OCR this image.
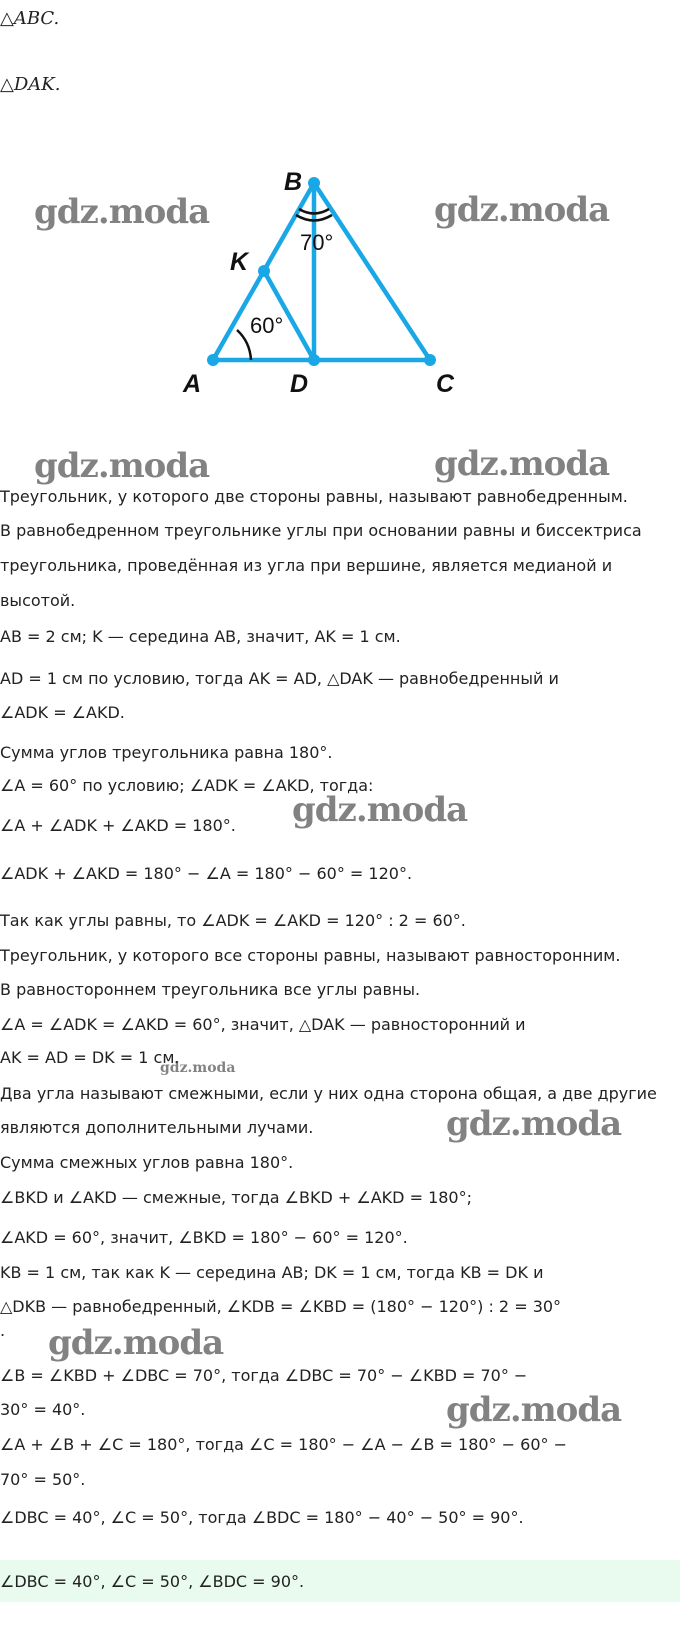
△ABC.
△DAK.
B
K
A	D	C
70°
60°
gdz.moda	gdz.moda
gdz.moda	gdz.moda
gdz.moda
gdz.moda
gdz.moda
gdz.moda
gdz.moda
Треугольник, у которого две стороны равны, называют равнобедренным.
В равнобедренном треугольнике углы при основании равны и биссектриса
треугольника, проведённая из угла при вершине, является медианой и
высотой.
AB = 2 см; K — середина AB, значит, AK = 1 см.
AD = 1 см по условию, тогда AK = AD, △DAK — равнобедренный и
∠ADK = ∠AKD.
Сумма углов треугольника равна 180°.
∠A = 60° по условию; ∠ADK = ∠AKD, тогда:
∠A + ∠ADK + ∠AKD = 180°.
∠ADK + ∠AKD = 180° − ∠A = 180° − 60° = 120°.
Так как углы равны, то ∠ADK = ∠AKD = 120° : 2 = 60°.
Треугольник, у которого все стороны равны, называют равносторонним.
В равностороннем треугольника все углы равны.
∠A = ∠ADK = ∠AKD = 60°, значит, △DAK — равносторонний и
AK = AD = DK = 1 см.
Два угла называют смежными, если у них одна сторона общая, а две другие
являются дополнительными лучами.
Сумма смежных углов равна 180°.
∠BKD и ∠AKD — смежные, тогда ∠BKD + ∠AKD = 180°;
∠AKD = 60°, значит, ∠BKD = 180° − 60° = 120°.
KB = 1 см, так как K — середина AB; DK = 1 см, тогда KB = DK и
△DKB — равнобедренный, ∠KDB = ∠KBD = (180° − 120°) : 2 = 30°
.
∠B = ∠KBD + ∠DBC = 70°, тогда ∠DBC = 70° − ∠KBD = 70° −
30° = 40°.
∠A + ∠B + ∠C = 180°, тогда ∠C = 180° − ∠A − ∠B = 180° − 60° −
70° = 50°.
∠DBC = 40°, ∠C = 50°, тогда ∠BDC = 180° − 40° − 50° = 90°.
∠DBC = 40°, ∠C = 50°, ∠BDC = 90°.
